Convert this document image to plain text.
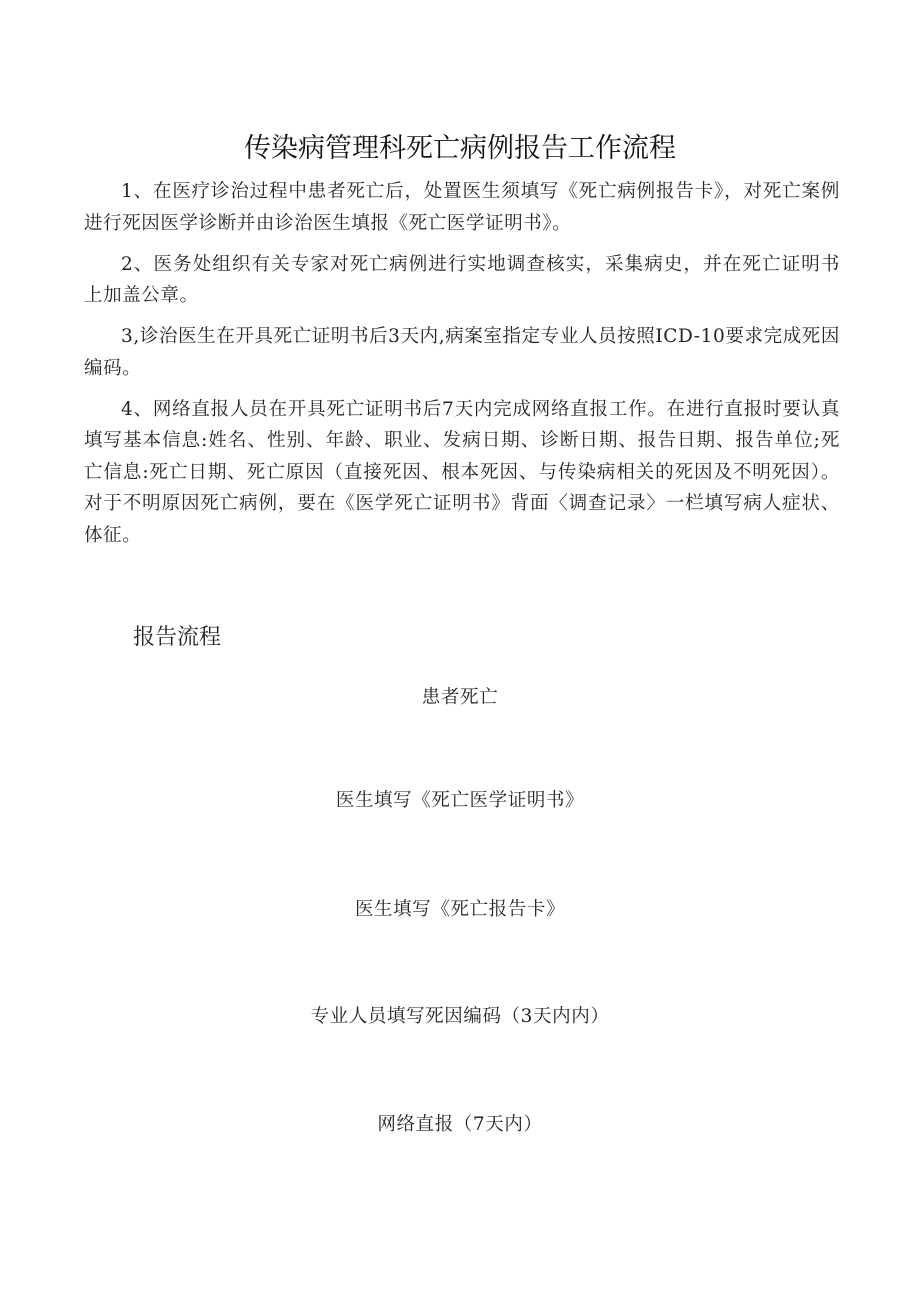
传染病管理科死亡病例报告工作流程

1、在医疗诊治过程中患者死亡后，处置医生须填写《死亡病例报告卡》，对死亡案例进行死因医学诊断并由诊治医生填报《死亡医学证明书》。

2、医务处组织有关专家对死亡病例进行实地调查核实，采集病史，并在死亡证明书上加盖公章。

3,诊治医生在开具死亡证明书后3天内,病案室指定专业人员按照ICD-10要求完成死因编码。

4、网络直报人员在开具死亡证明书后7天内完成网络直报工作。在进行直报时要认真填写基本信息:姓名、性别、年龄、职业、发病日期、诊断日期、报告日期、报告单位;死亡信息:死亡日期、死亡原因（直接死因、根本死因、与传染病相关的死因及不明死因）。对于不明原因死亡病例，要在《医学死亡证明书》背面〈调查记录〉一栏填写病人症状、体征。

报告流程
患者死亡
医生填写《死亡医学证明书》
医生填写《死亡报告卡》
专业人员填写死因编码（3天内内）
网络直报（7天内）
